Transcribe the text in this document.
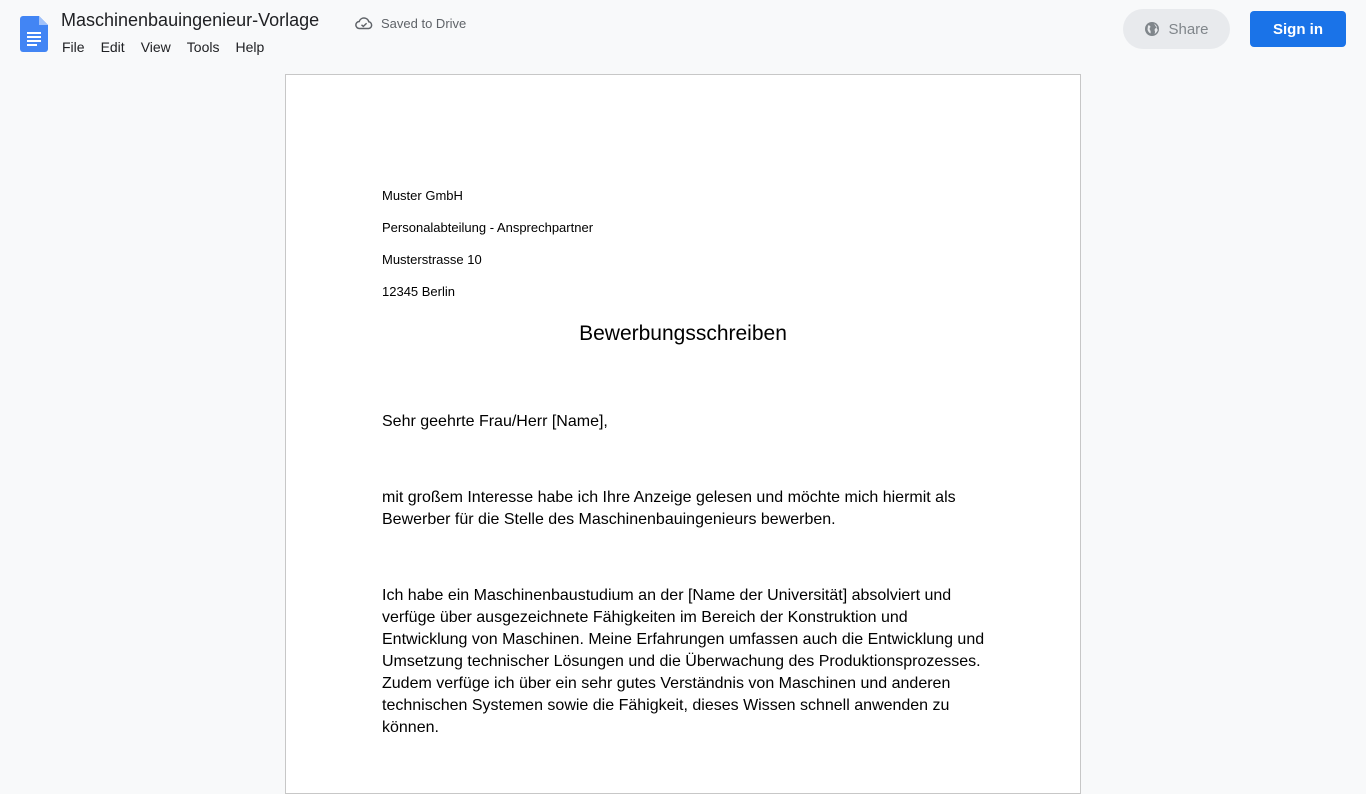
Maschinenbauingenieur-Vorlage	Saved to Drive
File	Edit	View	Tools	Help
Share	Sign in
Muster GmbH
Personalabteilung - Ansprechpartner
Musterstrasse 10
12345 Berlin
Bewerbungsschreiben
Sehr geehrte Frau/Herr [Name],
mit großem Interesse habe ich Ihre Anzeige gelesen und möchte mich hiermit als Bewerber für die Stelle des Maschinenbauingenieurs bewerben.
Ich habe ein Maschinenbaustudium an der [Name der Universität] absolviert und verfüge über ausgezeichnete Fähigkeiten im Bereich der Konstruktion und Entwicklung von Maschinen. Meine Erfahrungen umfassen auch die Entwicklung und Umsetzung technischer Lösungen und die Überwachung des Produktionsprozesses. Zudem verfüge ich über ein sehr gutes Verständnis von Maschinen und anderen technischen Systemen sowie die Fähigkeit, dieses Wissen schnell anwenden zu können.
